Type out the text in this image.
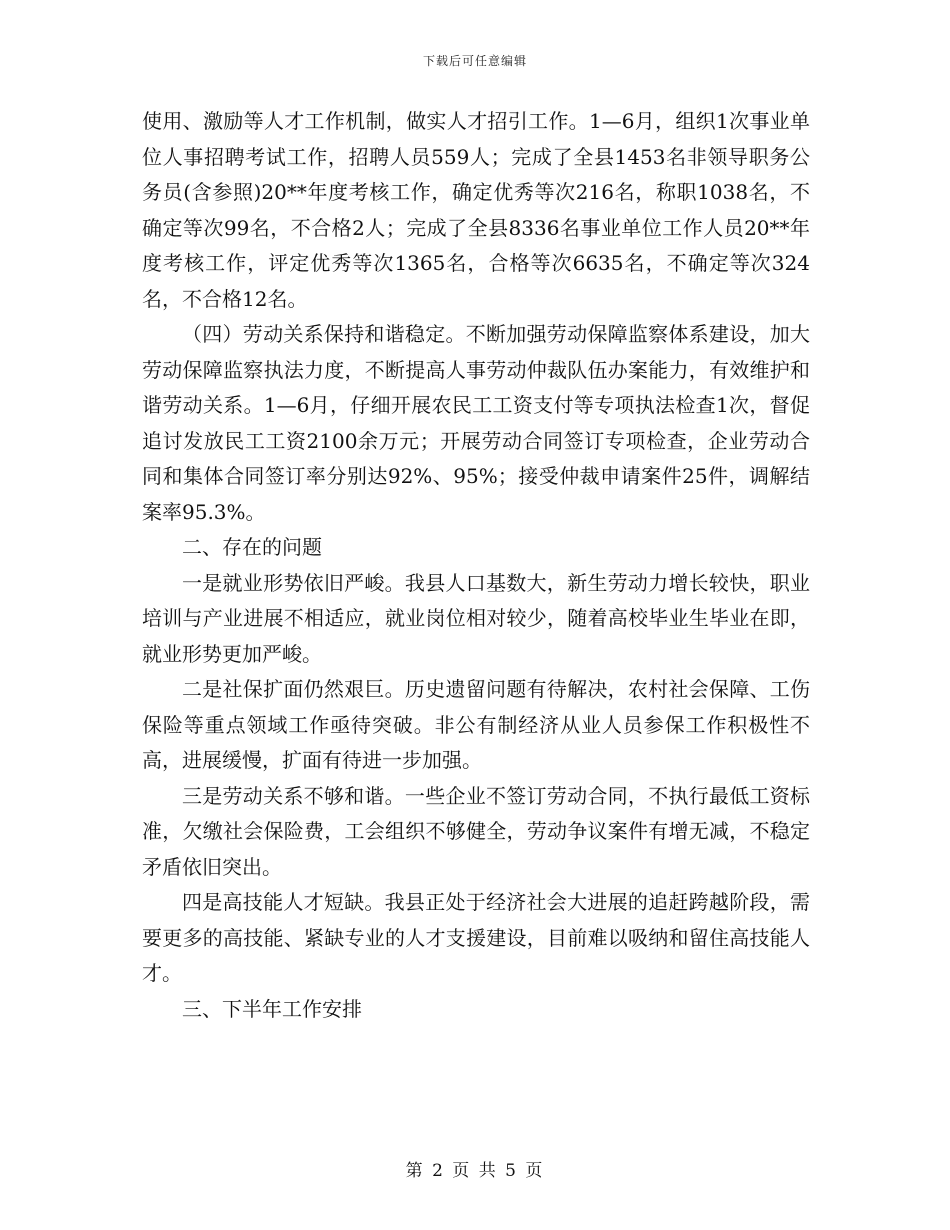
下载后可任意编辑

使用、激励等人才工作机制，做实人才招引工作。1—6月，组织1次事业单位人事招聘考试工作，招聘人员559人；完成了全县1453名非领导职务公务员(含参照)20**年度考核工作，确定优秀等次216名，称职1038名，不确定等次99名，不合格2人；完成了全县8336名事业单位工作人员20**年度考核工作，评定优秀等次1365名，合格等次6635名，不确定等次324名，不合格12名。

（四）劳动关系保持和谐稳定。不断加强劳动保障监察体系建设，加大劳动保障监察执法力度，不断提高人事劳动仲裁队伍办案能力，有效维护和谐劳动关系。1—6月，仔细开展农民工工资支付等专项执法检查1次，督促追讨发放民工工资2100余万元；开展劳动合同签订专项检查，企业劳动合同和集体合同签订率分别达92%、95%；接受仲裁申请案件25件，调解结案率95.3%。

二、存在的问题

一是就业形势依旧严峻。我县人口基数大，新生劳动力增长较快，职业培训与产业进展不相适应，就业岗位相对较少，随着高校毕业生毕业在即，就业形势更加严峻。

二是社保扩面仍然艰巨。历史遗留问题有待解决，农村社会保障、工伤保险等重点领域工作亟待突破。非公有制经济从业人员参保工作积极性不高，进展缓慢，扩面有待进一步加强。

三是劳动关系不够和谐。一些企业不签订劳动合同，不执行最低工资标准，欠缴社会保险费，工会组织不够健全，劳动争议案件有增无减，不稳定矛盾依旧突出。

四是高技能人才短缺。我县正处于经济社会大进展的追赶跨越阶段，需要更多的高技能、紧缺专业的人才支援建设，目前难以吸纳和留住高技能人才。

三、下半年工作安排

第 2 页 共 5 页
